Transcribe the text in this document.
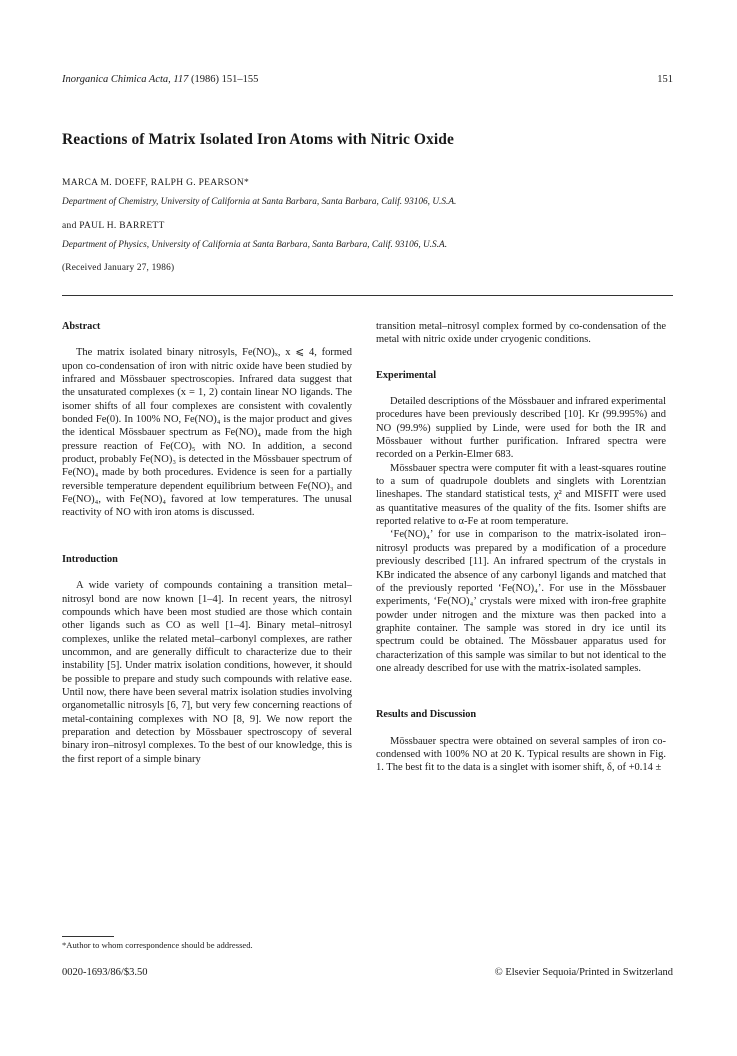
Inorganica Chimica Acta, 117 (1986) 151–155	151
Reactions of Matrix Isolated Iron Atoms with Nitric Oxide
MARCA M. DOEFF, RALPH G. PEARSON*
Department of Chemistry, University of California at Santa Barbara, Santa Barbara, Calif. 93106, U.S.A.
and PAUL H. BARRETT
Department of Physics, University of California at Santa Barbara, Santa Barbara, Calif. 93106, U.S.A.
(Received January 27, 1986)
Abstract

The matrix isolated binary nitrosyls, Fe(NO)ₓ, x ⩽ 4, formed upon co-condensation of iron with nitric oxide have been studied by infrared and Mössbauer spectroscopies. Infrared data suggest that the unsaturated complexes (x = 1, 2) contain linear NO ligands. The isomer shifts of all four complexes are consistent with covalently bonded Fe(0). In 100% NO, Fe(NO)₄ is the major product and gives the identical Mössbauer spectrum as Fe(NO)₄ made from the high pressure reaction of Fe(CO)₅ with NO. In addition, a second product, probably Fe(NO)₃ is detected in the Mössbauer spectrum of Fe(NO)₄ made by both procedures. Evidence is seen for a partially reversible temperature dependent equilibrium between Fe(NO)₃ and Fe(NO)₄, with Fe(NO)₄ favored at low temperatures. The unusal reactivity of NO with iron atoms is discussed.

Introduction

A wide variety of compounds containing a transition metal–nitrosyl bond are now known [1–4]. In recent years, the nitrosyl compounds which have been most studied are those which contain other ligands such as CO as well [1–4]. Binary metal–nitrosyl complexes, unlike the related metal–carbonyl complexes, are rather uncommon, and are generally difficult to characterize due to their instability [5]. Under matrix isolation conditions, however, it should be possible to prepare and study such compounds with relative ease. Until now, there have been several matrix isolation studies involving organometallic nitrosyls [6, 7], but very few concerning reactions of metal-containing complexes with NO [8, 9]. We now report the preparation and detection by Mössbauer spectroscopy of several binary iron–nitrosyl complexes. To the best of our knowledge, this is the first report of a simple binary

transition metal–nitrosyl complex formed by co-condensation of the metal with nitric oxide under cryogenic conditions.

Experimental

Detailed descriptions of the Mössbauer and infrared experimental procedures have been previously described [10]. Kr (99.995%) and NO (99.9%) supplied by Linde, were used for both the IR and Mössbauer without further purification. Infrared spectra were recorded on a Perkin-Elmer 683.

Mössbauer spectra were computer fit with a least-squares routine to a sum of quadrupole doublets and singlets with Lorentzian lineshapes. The standard statistical tests, χ² and MISFIT were used as quantitative measures of the quality of the fits. Isomer shifts are reported relative to α-Fe at room temperature.

‘Fe(NO)₄’ for use in comparison to the matrix-isolated iron–nitrosyl products was prepared by a modification of a procedure previously described [11]. An infrared spectrum of the crystals in KBr indicated the absence of any carbonyl ligands and matched that of the previously reported ‘Fe(NO)₄’. For use in the Mössbauer experiments, ‘Fe(NO)₄’ crystals were mixed with iron-free graphite powder under nitrogen and the mixture was then packed into a graphite container. The sample was stored in dry ice until its spectrum could be obtained. The Mössbauer apparatus used for characterization of this sample was similar to but not identical to the one already described for use with the matrix-isolated samples.

Results and Discussion

Mössbauer spectra were obtained on several samples of iron co-condensed with 100% NO at 20 K. Typical results are shown in Fig. 1. The best fit to the data is a singlet with isomer shift, δ, of +0.14 ±

*Author to whom correspondence should be addressed.
0020-1693/86/$3.50	© Elsevier Sequoia/Printed in Switzerland
